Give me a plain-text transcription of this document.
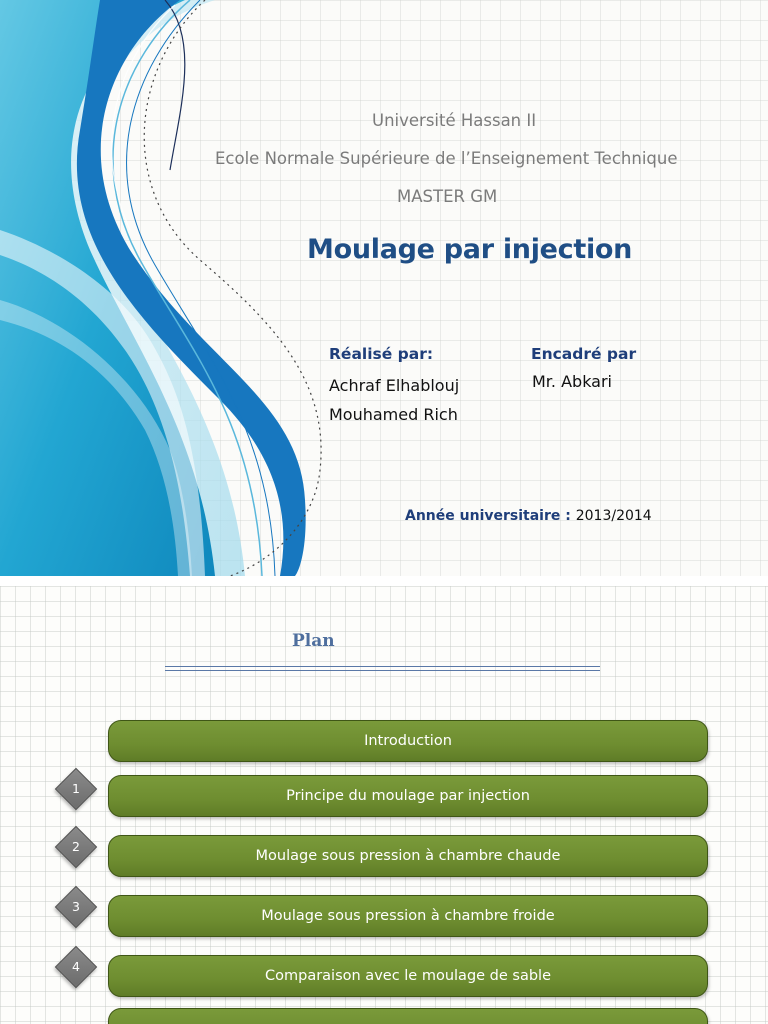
Université Hassan II
Ecole Normale Supérieure de l’Enseignement Technique
MASTER GM
Moulage par injection
Réalisé par:	Encadré par
Achraf Elhablouj
Mouhamed Rich
Mr. Abkari
Année universitaire : 2013/2014
Plan
Introduction
Principe du moulage par injection
Moulage sous pression à chambre chaude
Moulage sous pression à chambre froide
Comparaison avec le moulage de sable
1
2
3
4
